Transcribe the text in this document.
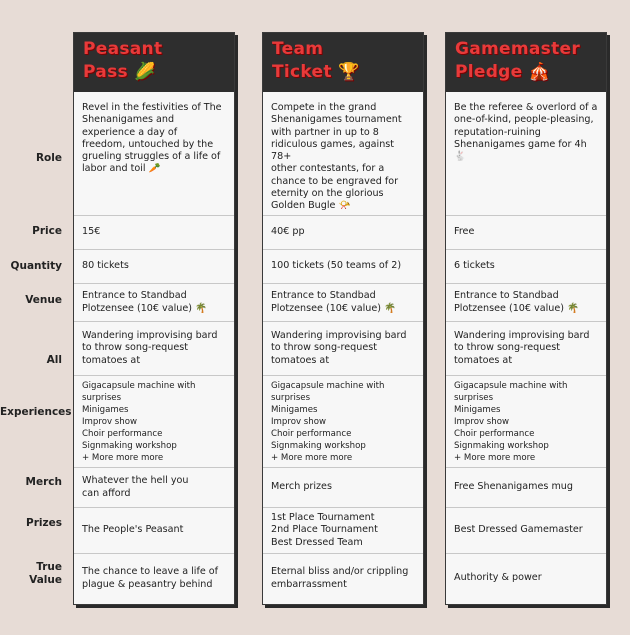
Role
Price
Quantity
Venue
All
Experiences
Merch
Prizes
True
Value
Peasant
Pass 🌽
Revel in the festivities of The
Shenanigames and
experience a day of
freedom, untouched by the
grueling struggles of a life of
labor and toil 🥕
15€
80 tickets
Entrance to Standbad
Plotzensee (10€ value) 🌴
Wandering improvising bard
to throw song-request
tomatoes at
Gigacapsule machine with surprises
Minigames
Improv show
Choir performance
Signmaking workshop
+ More more more
Whatever the hell you
can afford
The People's Peasant
The chance to leave a life of
plague & peasantry behind
Team
Ticket 🏆
Compete in the grand
Shenanigames tournament
with partner in up to 8
ridiculous games, against 78+
other contestants, for a
chance to be engraved for
eternity on the glorious
Golden Bugle 📯
40€ pp
100 tickets (50 teams of 2)
Entrance to Standbad
Plotzensee (10€ value) 🌴
Wandering improvising bard
to throw song-request
tomatoes at
Gigacapsule machine with surprises
Minigames
Improv show
Choir performance
Signmaking workshop
+ More more more
Merch prizes
1st Place Tournament
2nd Place Tournament
Best Dressed Team
Eternal bliss and/or crippling
embarrassment
Gamemaster
Pledge 🎪
Be the referee & overlord of a
one-of-kind, people-pleasing,
reputation-ruining
Shenanigames game for 4h 🐇
Free
6 tickets
Entrance to Standbad
Plotzensee (10€ value) 🌴
Wandering improvising bard
to throw song-request
tomatoes at
Gigacapsule machine with surprises
Minigames
Improv show
Choir performance
Signmaking workshop
+ More more more
Free Shenanigames mug
Best Dressed Gamemaster
Authority & power
